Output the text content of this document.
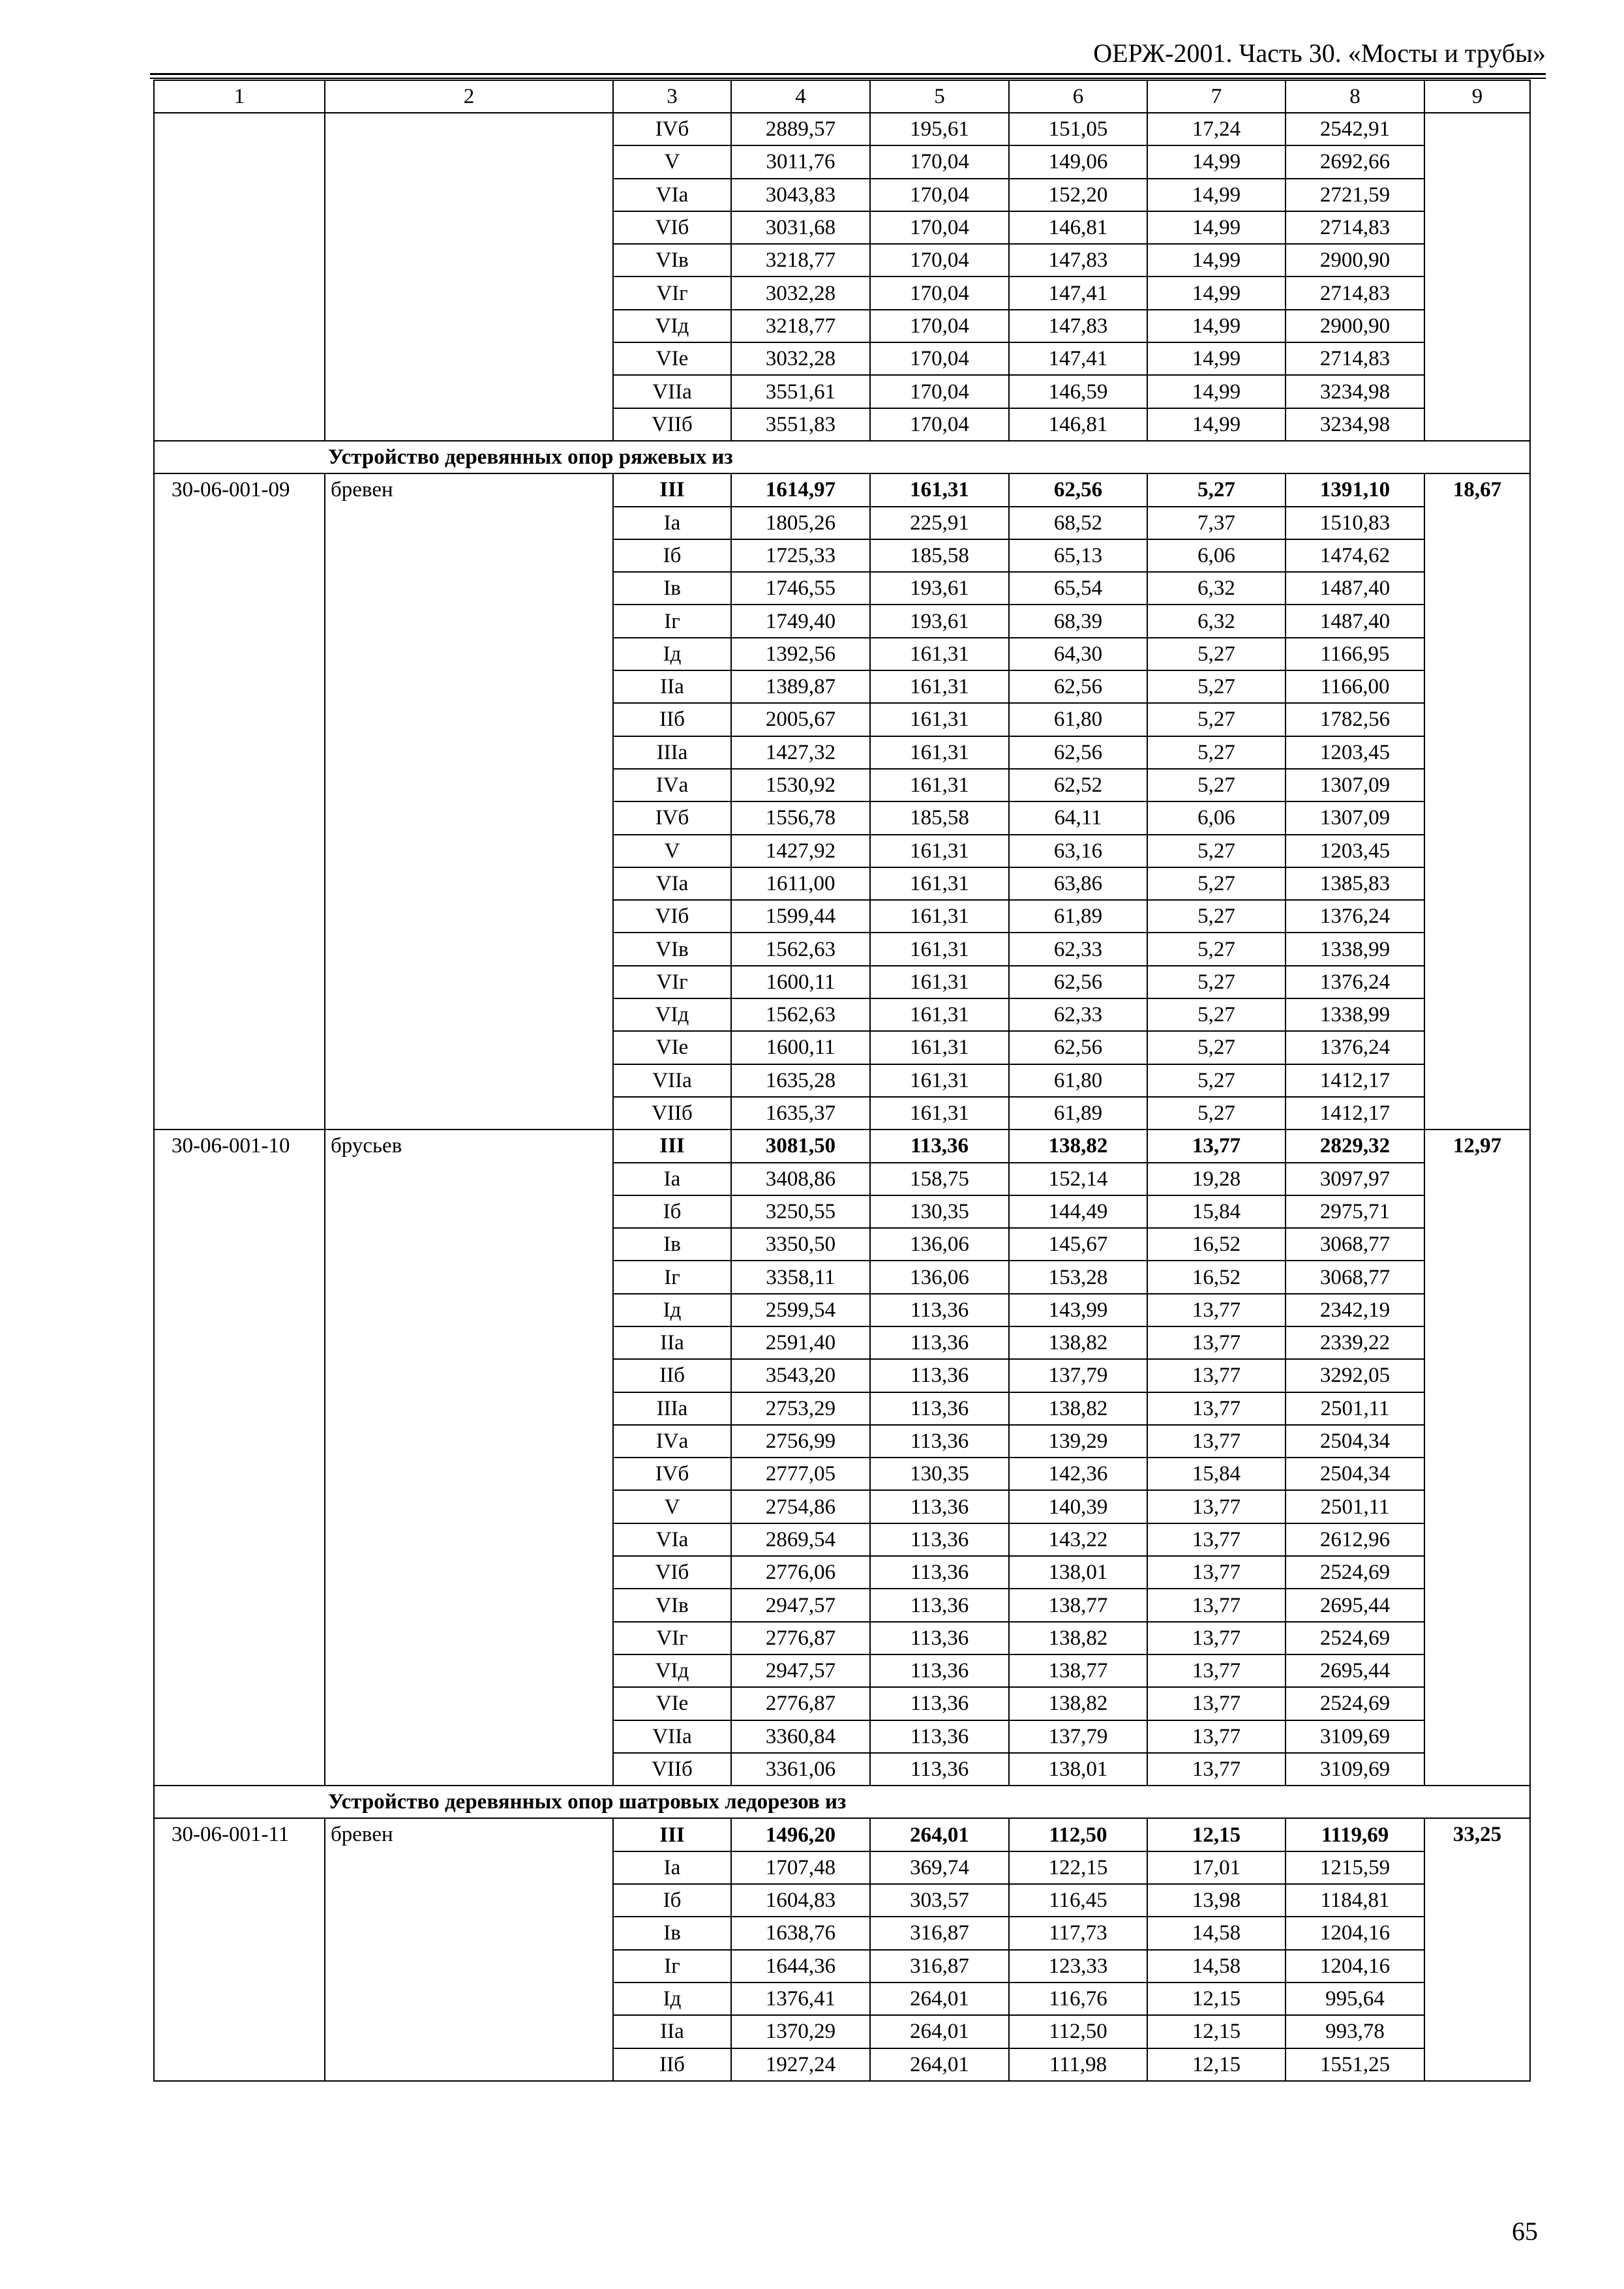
ОЕРЖ-2001. Часть 30. «Мосты и трубы»
1	2	3	4	5	6	7	8	9
		IVб	2889,57	195,61	151,05	17,24	2542,91	
		V	3011,76	170,04	149,06	14,99	2692,66	
		VIа	3043,83	170,04	152,20	14,99	2721,59	
		VIб	3031,68	170,04	146,81	14,99	2714,83	
		VIв	3218,77	170,04	147,83	14,99	2900,90	
		VIг	3032,28	170,04	147,41	14,99	2714,83	
		VIд	3218,77	170,04	147,83	14,99	2900,90	
		VIе	3032,28	170,04	147,41	14,99	2714,83	
		VIIа	3551,61	170,04	146,59	14,99	3234,98	
		VIIб	3551,83	170,04	146,81	14,99	3234,98	
Устройство деревянных опор ряжевых из								
30-06-001-09	бревен	III	1614,97	161,31	62,56	5,27	1391,10	18,67
		Iа	1805,26	225,91	68,52	7,37	1510,83	
		Iб	1725,33	185,58	65,13	6,06	1474,62	
		Iв	1746,55	193,61	65,54	6,32	1487,40	
		Iг	1749,40	193,61	68,39	6,32	1487,40	
		Iд	1392,56	161,31	64,30	5,27	1166,95	
		IIа	1389,87	161,31	62,56	5,27	1166,00	
		IIб	2005,67	161,31	61,80	5,27	1782,56	
		IIIа	1427,32	161,31	62,56	5,27	1203,45	
		IVа	1530,92	161,31	62,52	5,27	1307,09	
		IVб	1556,78	185,58	64,11	6,06	1307,09	
		V	1427,92	161,31	63,16	5,27	1203,45	
		VIа	1611,00	161,31	63,86	5,27	1385,83	
		VIб	1599,44	161,31	61,89	5,27	1376,24	
		VIв	1562,63	161,31	62,33	5,27	1338,99	
		VIг	1600,11	161,31	62,56	5,27	1376,24	
		VIд	1562,63	161,31	62,33	5,27	1338,99	
		VIе	1600,11	161,31	62,56	5,27	1376,24	
		VIIа	1635,28	161,31	61,80	5,27	1412,17	
		VIIб	1635,37	161,31	61,89	5,27	1412,17	
30-06-001-10	брусьев	III	3081,50	113,36	138,82	13,77	2829,32	12,97
		Iа	3408,86	158,75	152,14	19,28	3097,97	
		Iб	3250,55	130,35	144,49	15,84	2975,71	
		Iв	3350,50	136,06	145,67	16,52	3068,77	
		Iг	3358,11	136,06	153,28	16,52	3068,77	
		Iд	2599,54	113,36	143,99	13,77	2342,19	
		IIа	2591,40	113,36	138,82	13,77	2339,22	
		IIб	3543,20	113,36	137,79	13,77	3292,05	
		IIIа	2753,29	113,36	138,82	13,77	2501,11	
		IVа	2756,99	113,36	139,29	13,77	2504,34	
		IVб	2777,05	130,35	142,36	15,84	2504,34	
		V	2754,86	113,36	140,39	13,77	2501,11	
		VIа	2869,54	113,36	143,22	13,77	2612,96	
		VIб	2776,06	113,36	138,01	13,77	2524,69	
		VIв	2947,57	113,36	138,77	13,77	2695,44	
		VIг	2776,87	113,36	138,82	13,77	2524,69	
		VIд	2947,57	113,36	138,77	13,77	2695,44	
		VIе	2776,87	113,36	138,82	13,77	2524,69	
		VIIа	3360,84	113,36	137,79	13,77	3109,69	
		VIIб	3361,06	113,36	138,01	13,77	3109,69	
Устройство деревянных опор шатровых ледорезов из								
30-06-001-11	бревен	III	1496,20	264,01	112,50	12,15	1119,69	33,25
		Iа	1707,48	369,74	122,15	17,01	1215,59	
		Iб	1604,83	303,57	116,45	13,98	1184,81	
		Iв	1638,76	316,87	117,73	14,58	1204,16	
		Iг	1644,36	316,87	123,33	14,58	1204,16	
		Iд	1376,41	264,01	116,76	12,15	995,64	
		IIа	1370,29	264,01	112,50	12,15	993,78	
		IIб	1927,24	264,01	111,98	12,15	1551,25	
65
